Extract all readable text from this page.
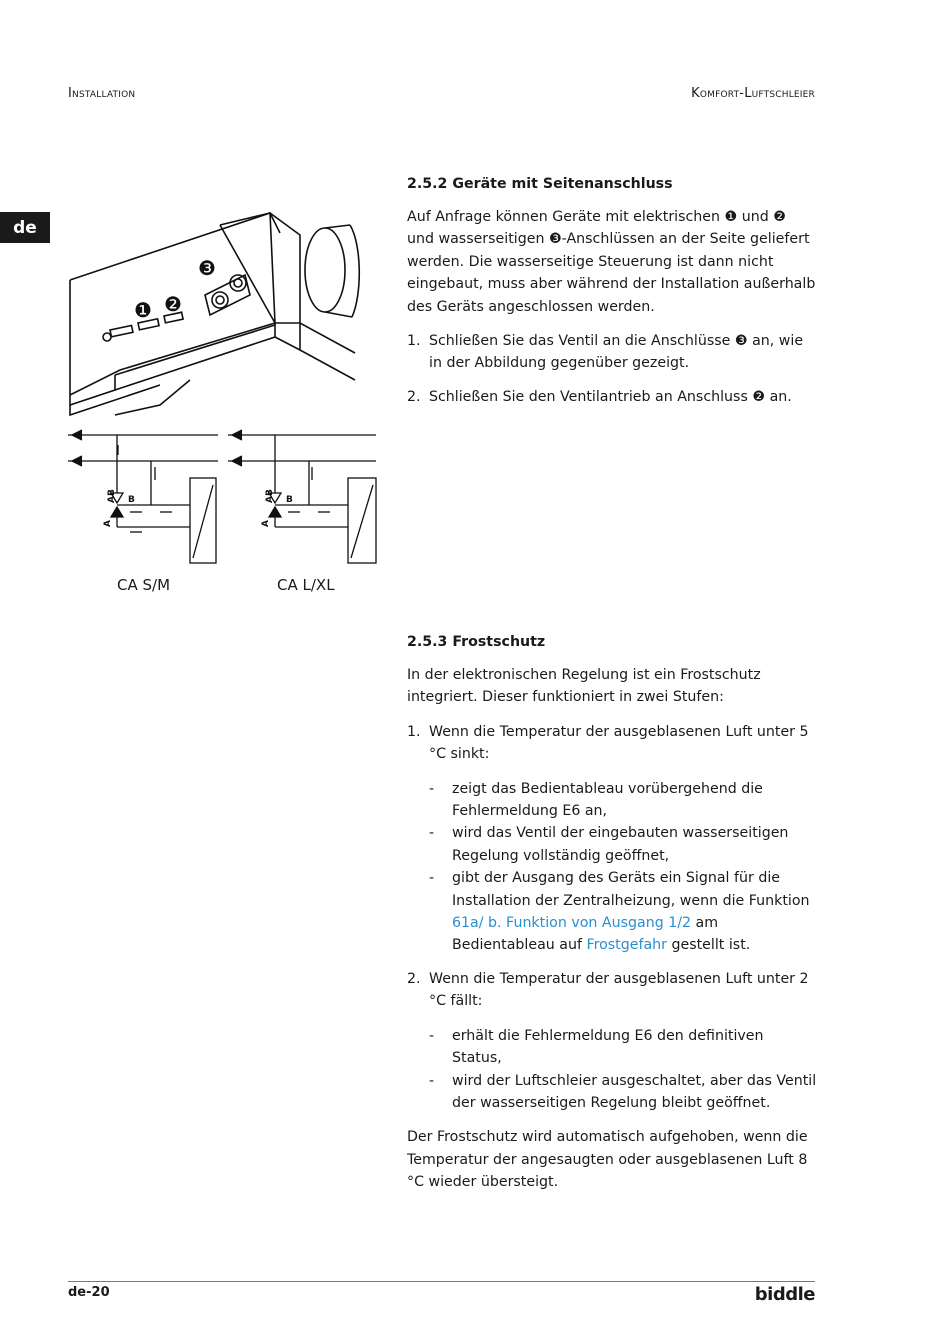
Installation	Komfort-Luftschleier
de
❸
❶ ❷
AB B
A
AB B
A
CA S/M	CA L/XL
2.5.2 Geräte mit Seitenanschluss

Auf Anfrage können Geräte mit elektrischen ❶ und ❷ und wasserseitigen ❸-Anschlüssen an der Seite geliefert werden. Die wasserseitige Steuerung ist dann nicht eingebaut, muss aber während der Installation außerhalb des Geräts angeschlossen werden.

1. Schließen Sie das Ventil an die Anschlüsse ❸ an, wie in der Abbildung gegenüber gezeigt.
2. Schließen Sie den Ventilantrieb an Anschluss ❷ an.
2.5.3 Frostschutz

In der elektronischen Regelung ist ein Frostschutz integriert. Dieser funktioniert in zwei Stufen:

1. Wenn die Temperatur der ausgeblasenen Luft unter 5 °C sinkt:
- zeigt das Bedientableau vorübergehend die Fehlermeldung E6 an,
- wird das Ventil der eingebauten wasserseitigen Regelung vollständig geöffnet,
- gibt der Ausgang des Geräts ein Signal für die Installation der Zentralheizung, wenn die Funktion 61a/ b. Funktion von Ausgang 1/2 am Bedientableau auf Frostgefahr gestellt ist.
2. Wenn die Temperatur der ausgeblasenen Luft unter 2 °C fällt:
- erhält die Fehlermeldung E6 den definitiven Status,
- wird der Luftschleier ausgeschaltet, aber das Ventil der wasserseitigen Regelung bleibt geöffnet.

Der Frostschutz wird automatisch aufgehoben, wenn die Temperatur der angesaugten oder ausgeblasenen Luft 8 °C wieder übersteigt.

de-20	biddle
